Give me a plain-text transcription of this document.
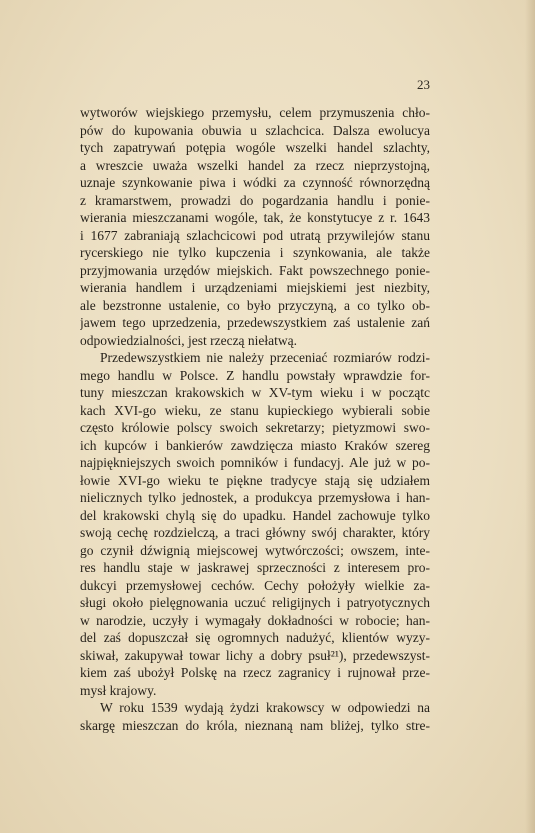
23
wytworów wiejskiego przemysłu, celem przymuszenia chło-
pów do kupowania obuwia u szlachcica. Dalsza ewolucya
tych zapatrywań potępia wogóle wszelki handel szlachty,
a wreszcie uważa wszelki handel za rzecz nieprzystojną,
uznaje szynkowanie piwa i wódki za czynność równorzędną
z kramarstwem, prowadzi do pogardzania handlu i ponie-
wierania mieszczanami wogóle, tak, że konstytucye z r. 1643
i 1677 zabraniają szlachcicowi pod utratą przywilejów stanu
rycerskiego nie tylko kupczenia i szynkowania, ale także
przyjmowania urzędów miejskich. Fakt powszechnego ponie-
wierania handlem i urządzeniami miejskiemi jest niezbity,
ale bezstronne ustalenie, co było przyczyną, a co tylko ob-
jawem tego uprzedzenia, przedewszystkiem zaś ustalenie zań
odpowiedzialności, jest rzeczą niełatwą.
Przedewszystkiem nie należy przeceniać rozmiarów rodzi-
mego handlu w Polsce. Z handlu powstały wprawdzie for-
tuny mieszczan krakowskich w XV-tym wieku i w początc
kach XVI-go wieku, ze stanu kupieckiego wybierali sobie
często królowie polscy swoich sekretarzy; pietyzmowi swo-
ich kupców i bankierów zawdzięcza miasto Kraków szereg
najpiękniejszych swoich pomników i fundacyj. Ale już w po-
łowie XVI-go wieku te piękne tradycye stają się udziałem
nielicznych tylko jednostek, a produkcya przemysłowa i han-
del krakowski chylą się do upadku. Handel zachowuje tylko
swoją cechę rozdzielczą, a traci główny swój charakter, który
go czynił dźwignią miejscowej wytwórczości; owszem, inte-
res handlu staje w jaskrawej sprzeczności z interesem pro-
dukcyi przemysłowej cechów. Cechy położyły wielkie za-
sługi około pielęgnowania uczuć religijnych i patryotycznych
w narodzie, uczyły i wymagały dokładności w robocie; han-
del zaś dopuszczał się ogromnych nadużyć, klientów wyzy-
skiwał, zakupywał towar lichy a dobry psuł²¹), przedewszyst-
kiem zaś ubożył Polskę na rzecz zagranicy i rujnował prze-
mysł krajowy.
W roku 1539 wydają żydzi krakowscy w odpowiedzi na
skargę mieszczan do króla, nieznaną nam bliżej, tylko stre-
